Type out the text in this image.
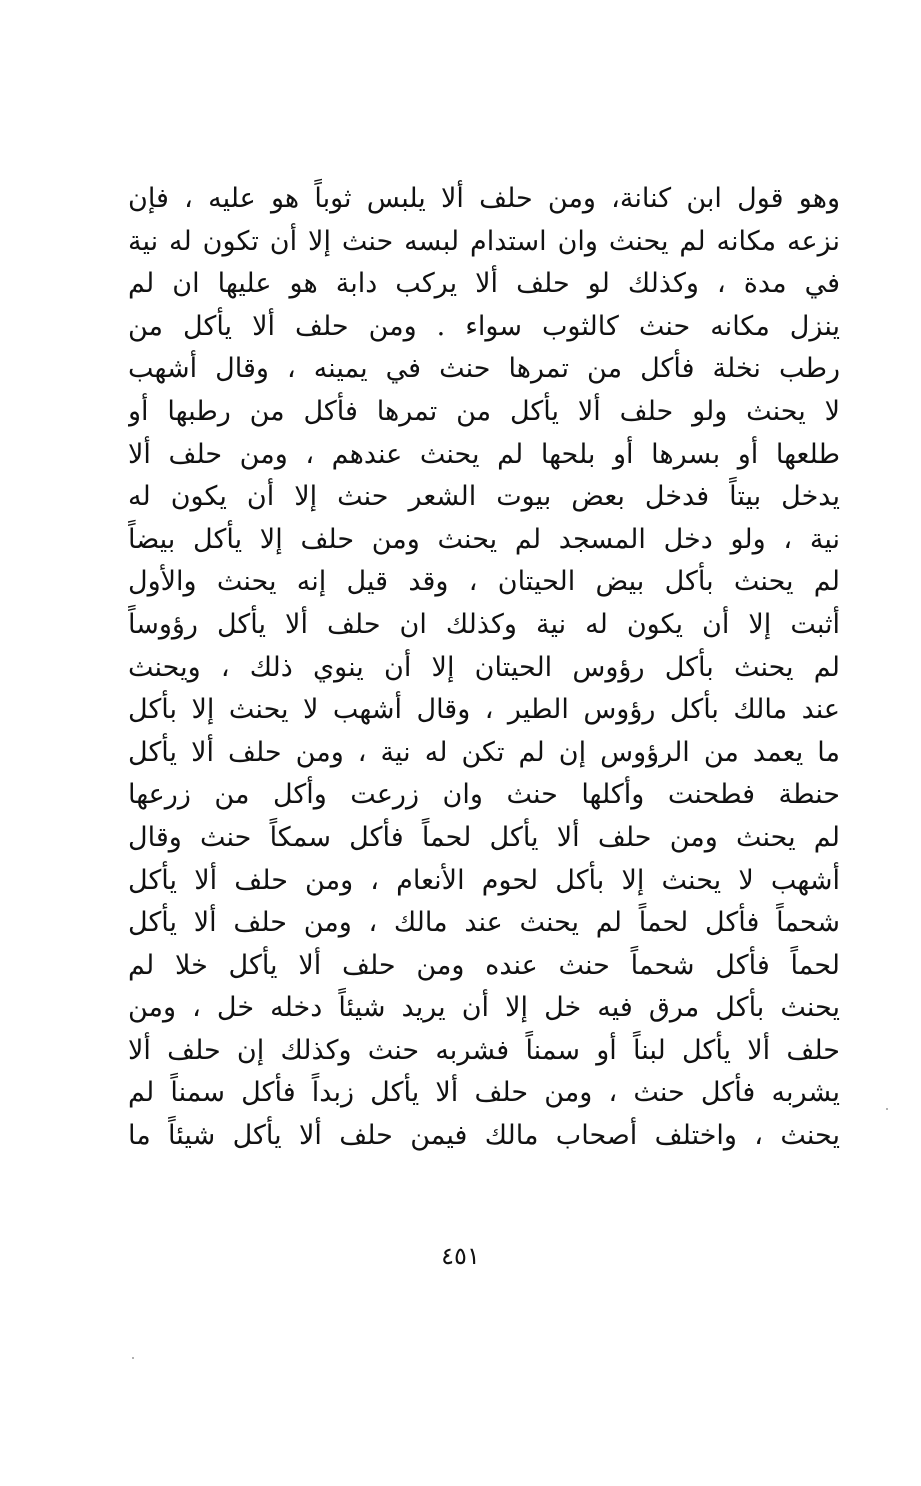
وهو قول ابن كنانة، ومن حلف ألا يلبس ثوباً هو عليه ، فإن
نزعه مكانه لم يحنث وان استدام لبسه حنث إلا أن تكون له نية
في مدة ، وكذلك لو حلف ألا يركب دابة هو عليها ان لم
ينزل مكانه حنث كالثوب سواء . ومن حلف ألا يأكل من
رطب نخلة فأكل من تمرها حنث في يمينه ، وقال أشهب
لا يحنث ولو حلف ألا يأكل من تمرها فأكل من رطبها أو
طلعها أو بسرها أو بلحها لم يحنث عندهم ، ومن حلف ألا
يدخل بيتاً فدخل بعض بيوت الشعر حنث إلا أن يكون له
نية ، ولو دخل المسجد لم يحنث ومن حلف إلا يأكل بيضاً
لم يحنث بأكل بيض الحيتان ، وقد قيل إنه يحنث والأول
أثبت إلا أن يكون له نية وكذلك ان حلف ألا يأكل رؤوساً
لم يحنث بأكل رؤوس الحيتان إلا أن ينوي ذلك ، ويحنث
عند مالك بأكل رؤوس الطير ، وقال أشهب لا يحنث إلا بأكل
ما يعمد من الرؤوس إن لم تكن له نية ، ومن حلف ألا يأكل
حنطة فطحنت وأكلها حنث وان زرعت وأكل من زرعها
لم يحنث ومن حلف ألا يأكل لحماً فأكل سمكاً حنث وقال
أشهب لا يحنث إلا بأكل لحوم الأنعام ، ومن حلف ألا يأكل
شحماً فأكل لحماً لم يحنث عند مالك ، ومن حلف ألا يأكل
لحماً فأكل شحماً حنث عنده ومن حلف ألا يأكل خلا لم
يحنث بأكل مرق فيه خل إلا أن يريد شيئاً دخله خل ، ومن
حلف ألا يأكل لبناً أو سمناً فشربه حنث وكذلك إن حلف ألا
يشربه فأكل حنث ، ومن حلف ألا يأكل زبداً فأكل سمناً لم
يحنث ، واختلف أصحاب مالك فيمن حلف ألا يأكل شيئاً ما
٤٥١
